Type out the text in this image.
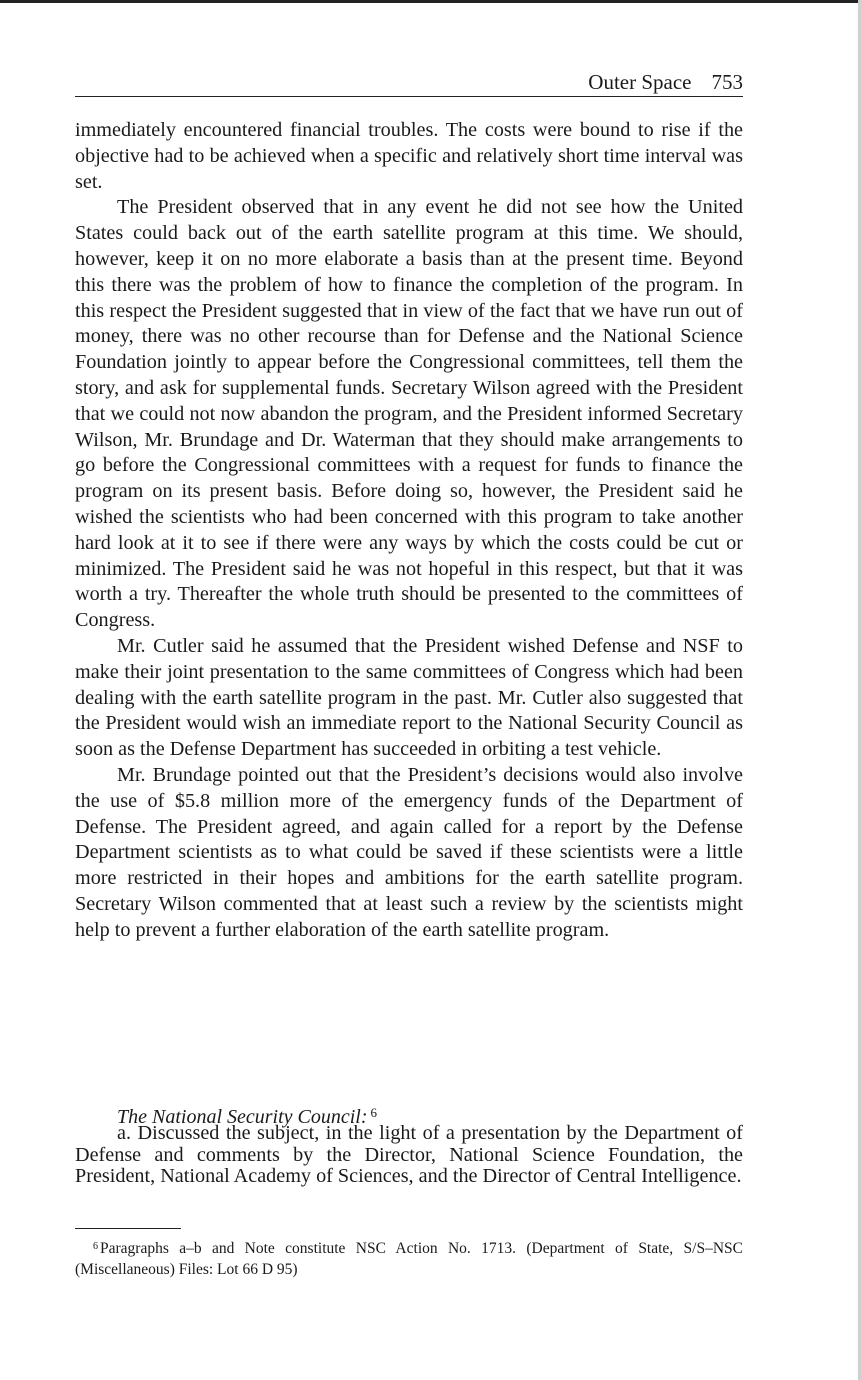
Outer Space 753

immediately encountered financial troubles. The costs were bound to rise if the objective had to be achieved when a specific and relatively short time interval was set.

The President observed that in any event he did not see how the United States could back out of the earth satellite program at this time. We should, however, keep it on no more elaborate a basis than at the present time. Beyond this there was the problem of how to finance the completion of the program. In this respect the President suggested that in view of the fact that we have run out of money, there was no other recourse than for Defense and the National Science Foundation jointly to appear before the Congressional committees, tell them the story, and ask for supplemental funds. Secretary Wilson agreed with the President that we could not now abandon the program, and the President informed Secretary Wilson, Mr. Brundage and Dr. Waterman that they should make arrangements to go before the Congressional committees with a request for funds to finance the program on its present basis. Before doing so, however, the President said he wished the scientists who had been concerned with this program to take another hard look at it to see if there were any ways by which the costs could be cut or minimized. The President said he was not hopeful in this respect, but that it was worth a try. Thereafter the whole truth should be presented to the committees of Congress.

Mr. Cutler said he assumed that the President wished Defense and NSF to make their joint presentation to the same committees of Congress which had been dealing with the earth satellite program in the past. Mr. Cutler also suggested that the President would wish an immediate report to the National Security Council as soon as the Defense Department has succeeded in orbiting a test vehicle.

Mr. Brundage pointed out that the President’s decisions would also involve the use of $5.8 million more of the emergency funds of the Department of Defense. The President agreed, and again called for a report by the Defense Department scientists as to what could be saved if these scientists were a little more restricted in their hopes and ambitions for the earth satellite program. Secretary Wilson commented that at least such a review by the scientists might help to prevent a further elaboration of the earth satellite program.

The National Security Council: $^6$

a. Discussed the subject, in the light of a presentation by the Department of Defense and comments by the Director, National Science Foundation, the President, National Academy of Sciences, and the Director of Central Intelligence.

$^6$ Paragraphs a–b and Note constitute NSC Action No. 1713. (Department of State, S/S–NSC (Miscellaneous) Files: Lot 66 D 95)
